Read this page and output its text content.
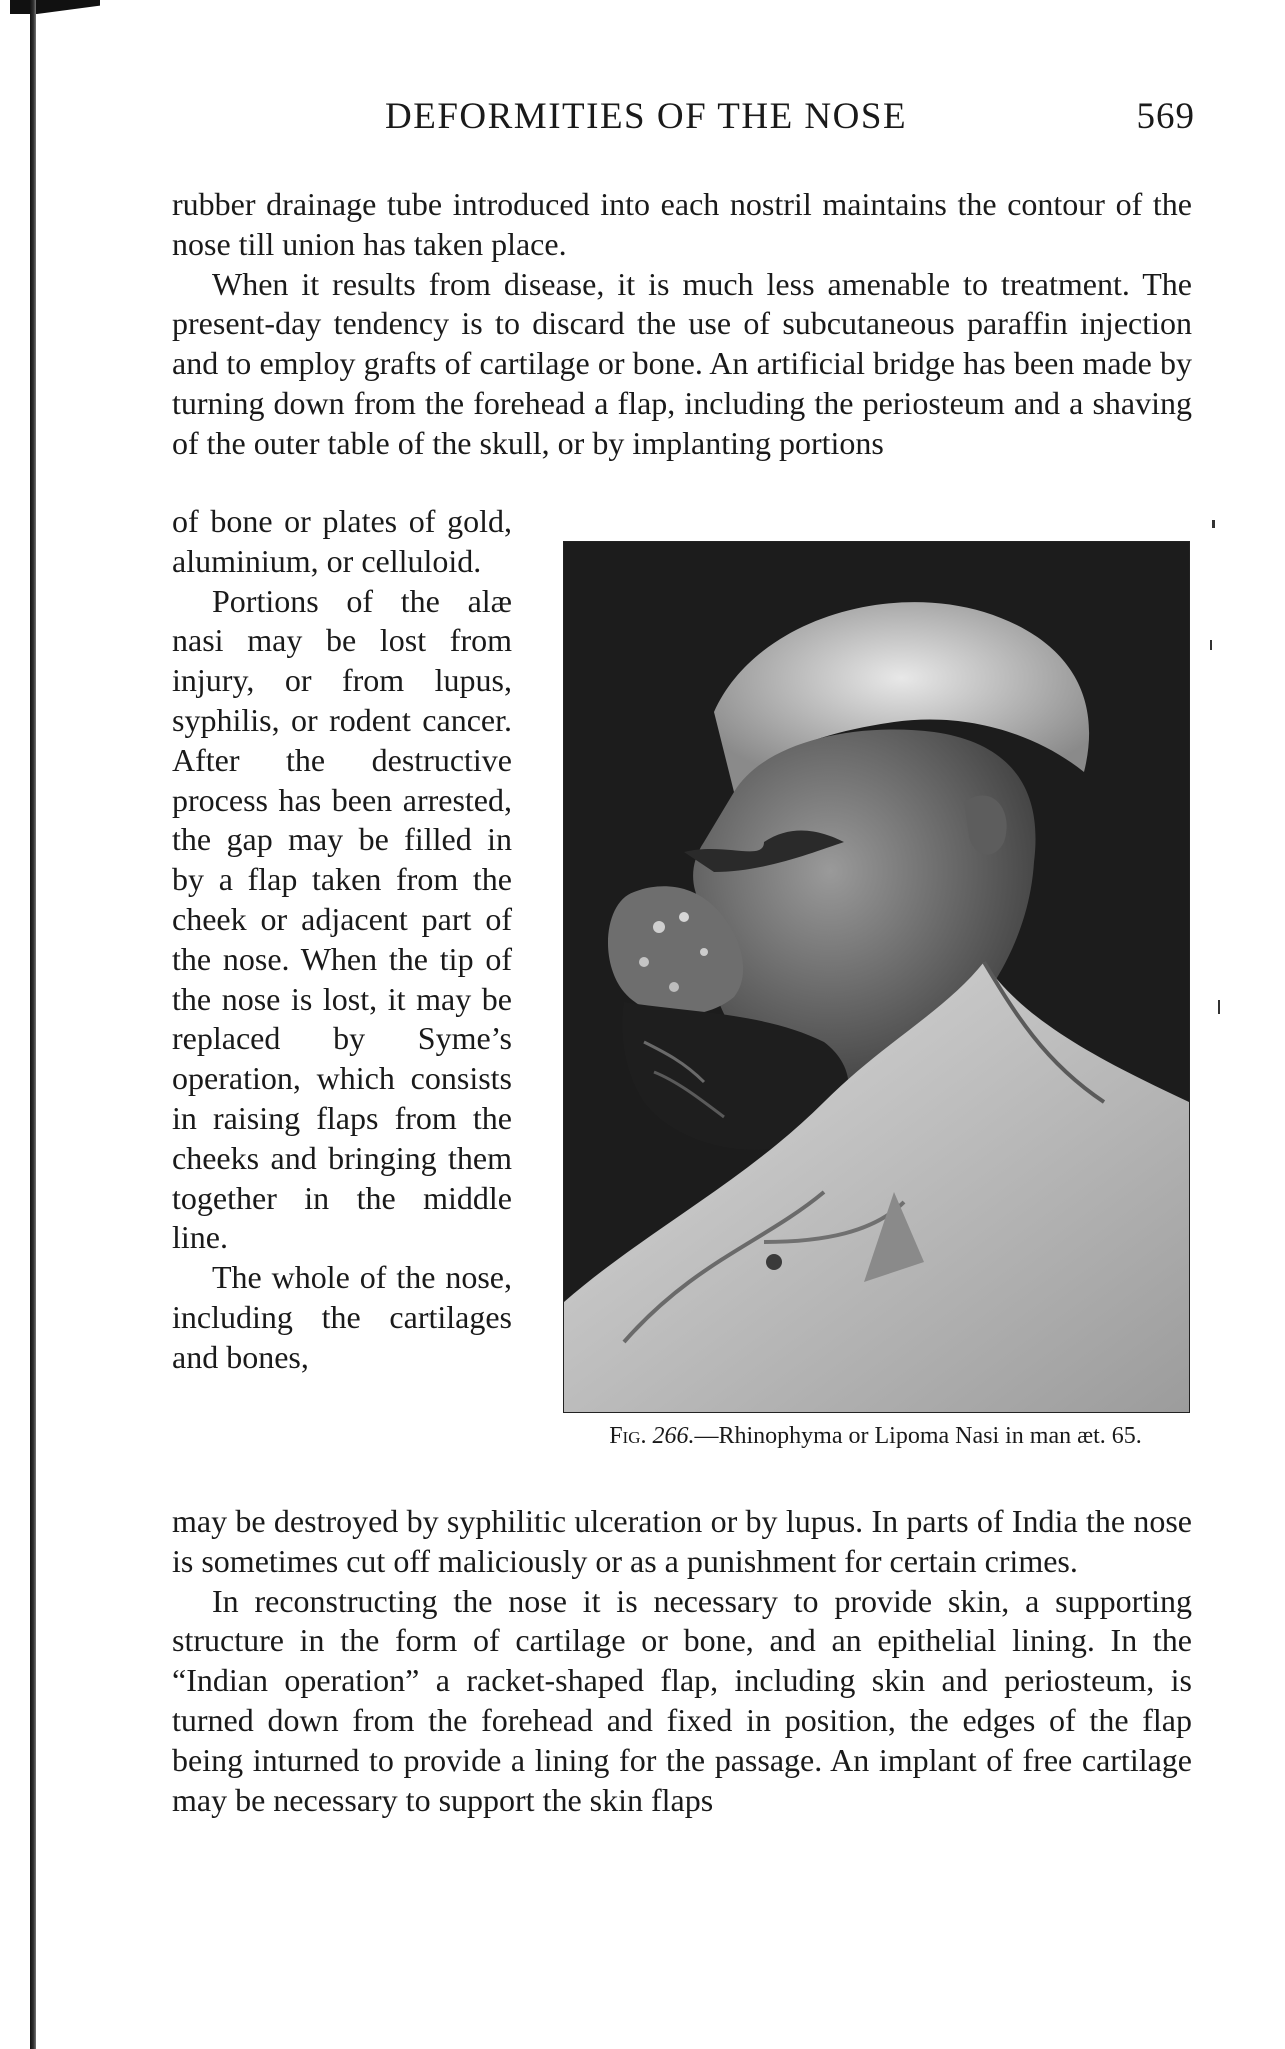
DEFORMITIES OF THE NOSE	569

rubber drainage tube introduced into each nostril maintains the contour of the nose till union has taken place.

When it results from disease, it is much less amenable to treatment. The present-day tendency is to discard the use of subcutaneous paraffin injection and to employ grafts of cartilage or bone. An artificial bridge has been made by turning down from the forehead a flap, including the periosteum and a shaving of the outer table of the skull, or by implanting portions

of bone or plates of gold, aluminium, or celluloid.

Portions of the alæ nasi may be lost from injury, or from lupus, syphilis, or rodent cancer. After the destructive process has been arrested, the gap may be filled in by a flap taken from the cheek or adjacent part of the nose. When the tip of the nose is lost, it may be replaced by Syme’s operation, which consists in raising flaps from the cheeks and bringing them together in the middle line.

The whole of the nose, including the cartilages and bones,

Fig. 266.—Rhinophyma or Lipoma Nasi in man æt. 65.

may be destroyed by syphilitic ulceration or by lupus. In parts of India the nose is sometimes cut off maliciously or as a punishment for certain crimes.

In reconstructing the nose it is necessary to provide skin, a supporting structure in the form of cartilage or bone, and an epithelial lining. In the “Indian operation” a racket-shaped flap, including skin and periosteum, is turned down from the forehead and fixed in position, the edges of the flap being inturned to provide a lining for the passage. An implant of free cartilage may be necessary to support the skin flaps
